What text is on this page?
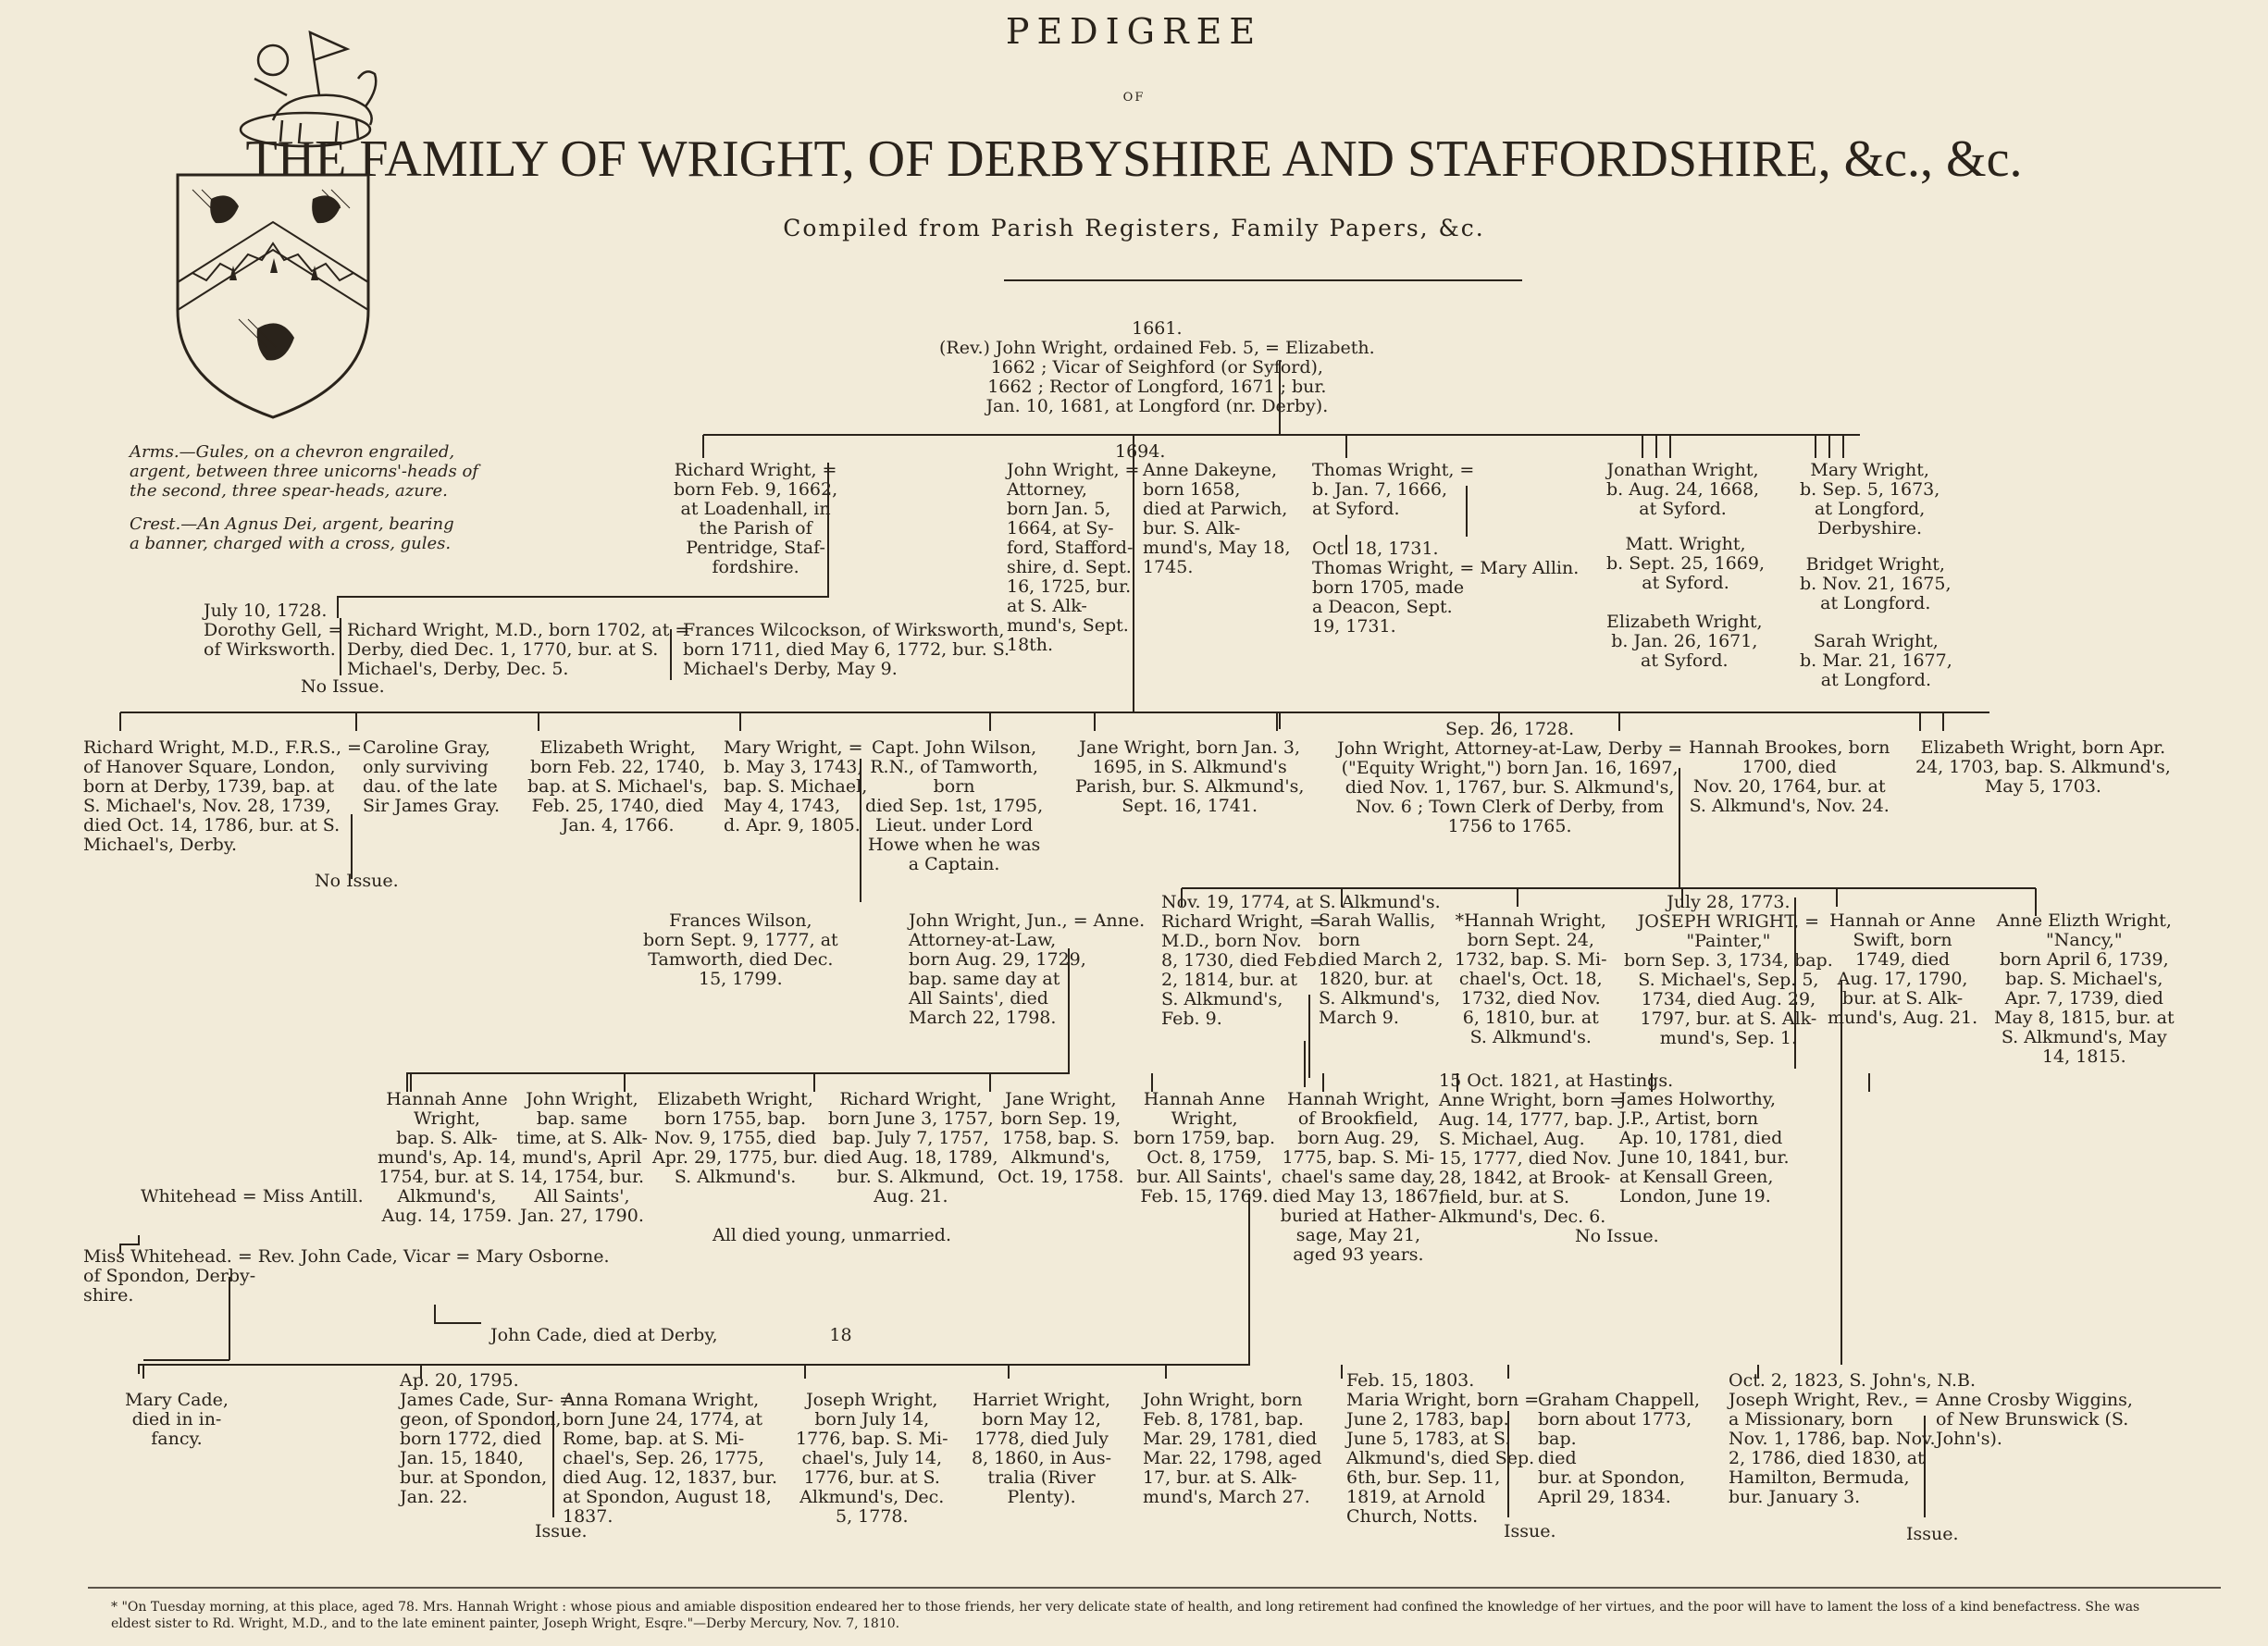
PEDIGREE
OF
THE FAMILY OF WRIGHT, OF DERBYSHIRE AND STAFFORDSHIRE, &c., &c.
Compiled from Parish Registers, Family Papers, &c.
Arms.—Gules, on a chevron engrailed,
argent, between three unicorns'-heads of
the second, three spear-heads, azure.
Crest.—An Agnus Dei, argent, bearing
a banner, charged with a cross, gules.
1661.
(Rev.) John Wright, ordained Feb. 5, = Elizabeth.
1662 ; Vicar of Seighford (or Syford),
1662 ; Rector of Longford, 1671 ; bur.
Jan. 10, 1681, at Longford (nr. Derby).
Richard Wright, =
born Feb. 9, 1662,
at Loadenhall, in
the Parish of
Pentridge, Staf-
fordshire.
1694.
John Wright, =
Attorney,
born Jan. 5,
1664, at Sy-
ford, Stafford-
shire, d. Sept.
16, 1725, bur.
at S. Alk-
mund's, Sept.
18th.
Anne Dakeyne,
born 1658,
died at Parwich,
bur. S. Alk-
mund's, May 18,
1745.
Thomas Wright, =
b. Jan. 7, 1666,
at Syford.
Oct. 18, 1731.
Thomas Wright, = Mary Allin.
born 1705, made
a Deacon, Sept.
19, 1731.
Jonathan Wright,
b. Aug. 24, 1668,
at Syford.
Matt. Wright,
b. Sept. 25, 1669,
at Syford.
Elizabeth Wright,
b. Jan. 26, 1671,
at Syford.
Mary Wright,
b. Sep. 5, 1673,
at Longford,
Derbyshire.
Bridget Wright,
b. Nov. 21, 1675,
at Longford.
Sarah Wright,
b. Mar. 21, 1677,
at Longford.
July 10, 1728.
Dorothy Gell, =
of Wirksworth.
No Issue.
Richard Wright, M.D., born 1702, at =
Derby, died Dec. 1, 1770, bur. at S.
Michael's, Derby, Dec. 5.
Frances Wilcockson, of Wirksworth,
born 1711, died May 6, 1772, bur. S.
Michael's Derby, May 9.
Richard Wright, M.D., F.R.S., =
of Hanover Square, London,
born at Derby, 1739, bap. at
S. Michael's, Nov. 28, 1739,
died Oct. 14, 1786, bur. at S.
Michael's, Derby.
Caroline Gray,
only surviving
dau. of the late
Sir James Gray.
No Issue.
Elizabeth Wright,
born Feb. 22, 1740,
bap. at S. Michael's,
Feb. 25, 1740, died
Jan. 4, 1766.
Mary Wright, =
b. May 3, 1743,
bap. S. Michael,
May 4, 1743,
d. Apr. 9, 1805.
Capt. John Wilson,
R.N., of Tamworth,
born
died Sep. 1st, 1795,
Lieut. under Lord
Howe when he was
a Captain.
Frances Wilson,
born Sept. 9, 1777, at
Tamworth, died Dec.
15, 1799.
Jane Wright, born Jan. 3,
1695, in S. Alkmund's
Parish, bur. S. Alkmund's,
Sept. 16, 1741.
Sep. 26, 1728.
John Wright, Attorney-at-Law, Derby =
("Equity Wright,") born Jan. 16, 1697,
died Nov. 1, 1767, bur. S. Alkmund's,
Nov. 6 ; Town Clerk of Derby, from
1756 to 1765.
Hannah Brookes, born
1700, died
Nov. 20, 1764, bur. at
S. Alkmund's, Nov. 24.
Elizabeth Wright, born Apr.
24, 1703, bap. S. Alkmund's,
May 5, 1703.
John Wright, Jun., = Anne.
Attorney-at-Law,
born Aug. 29, 1729,
bap. same day at
All Saints', died
March 22, 1798.
Nov. 19, 1774, at S. Alkmund's.
Richard Wright, =
M.D., born Nov.
8, 1730, died Feb.
2, 1814, bur. at
S. Alkmund's,
Feb. 9.
Sarah Wallis,
born
died March 2,
1820, bur. at
S. Alkmund's,
March 9.
*Hannah Wright,
born Sept. 24,
1732, bap. S. Mi-
chael's, Oct. 18,
1732, died Nov.
6, 1810, bur. at
S. Alkmund's.
July 28, 1773.
JOSEPH WRIGHT, =
"Painter,"
born Sep. 3, 1734, bap.
S. Michael's, Sep. 5,
1734, died Aug. 29,
1797, bur. at S. Alk-
mund's, Sep. 1.
Hannah or Anne
Swift, born
1749, died
Aug. 17, 1790,
bur. at S. Alk-
mund's, Aug. 21.
Anne Elizth Wright,
"Nancy,"
born April 6, 1739,
bap. S. Michael's,
Apr. 7, 1739, died
May 8, 1815, bur. at
S. Alkmund's, May
14, 1815.
Hannah Anne
Wright,
bap. S. Alk-
mund's, Ap. 14,
1754, bur. at S.
Alkmund's,
Aug. 14, 1759.
John Wright,
bap. same
time, at S. Alk-
mund's, April
14, 1754, bur.
All Saints',
Jan. 27, 1790.
Elizabeth Wright,
born 1755, bap.
Nov. 9, 1755, died
Apr. 29, 1775, bur.
S. Alkmund's.
Richard Wright,
born June 3, 1757,
bap. July 7, 1757,
died Aug. 18, 1789,
bur. S. Alkmund,
Aug. 21.
Jane Wright,
born Sep. 19,
1758, bap. S.
Alkmund's,
Oct. 19, 1758.
Hannah Anne
Wright,
born 1759, bap.
Oct. 8, 1759,
bur. All Saints',
Feb. 15, 1769.
All died young, unmarried.
Hannah Wright,
of Brookfield,
born Aug. 29,
1775, bap. S. Mi-
chael's same day,
died May 13, 1867,
buried at Hather-
sage, May 21,
aged 93 years.
15 Oct. 1821, at Hastings.
Anne Wright, born =
Aug. 14, 1777, bap.
S. Michael, Aug.
15, 1777, died Nov.
28, 1842, at Brook-
field, bur. at S.
Alkmund's, Dec. 6.
James Holworthy,
J.P., Artist, born
Ap. 10, 1781, died
June 10, 1841, bur.
at Kensall Green,
London, June 19.
No Issue.
Whitehead = Miss Antill.
Miss Whitehead. = Rev. John Cade, Vicar = Mary Osborne.
of Spondon, Derby-
shire.
John Cade, died at Derby,                    18
Mary Cade,
died in in-
fancy.
Ap. 20, 1795.
James Cade, Sur- =
geon, of Spondon,
born 1772, died
Jan. 15, 1840,
bur. at Spondon,
Jan. 22.
Anna Romana Wright,
born June 24, 1774, at
Rome, bap. at S. Mi-
chael's, Sep. 26, 1775,
died Aug. 12, 1837, bur.
at Spondon, August 18,
1837.
Issue.
Joseph Wright,
born July 14,
1776, bap. S. Mi-
chael's, July 14,
1776, bur. at S.
Alkmund's, Dec.
5, 1778.
Harriet Wright,
born May 12,
1778, died July
8, 1860, in Aus-
tralia (River
Plenty).
John Wright, born
Feb. 8, 1781, bap.
Mar. 29, 1781, died
Mar. 22, 1798, aged
17, bur. at S. Alk-
mund's, March 27.
Feb. 15, 1803.
Maria Wright, born =
June 2, 1783, bap.
June 5, 1783, at S.
Alkmund's, died Sep.
6th, bur. Sep. 11,
1819, at Arnold
Church, Notts.
Graham Chappell,
born about 1773,
bap.
died
bur. at Spondon,
April 29, 1834.
Issue.
Oct. 2, 1823, S. John's, N.B.
Joseph Wright, Rev., =
a Missionary, born
Nov. 1, 1786, bap. Nov.
2, 1786, died 1830, at
Hamilton, Bermuda,
bur. January 3.
Anne Crosby Wiggins,
of New Brunswick (S.
John's).
Issue.
* "On Tuesday morning, at this place, aged 78. Mrs. Hannah Wright : whose pious and amiable disposition endeared her to those friends, her very delicate state of health, and long retirement had confined the knowledge of her virtues, and the poor will have to lament the loss of a kind benefactress. She was eldest sister to Rd. Wright, M.D., and to the late eminent painter, Joseph Wright, Esqre."—Derby Mercury, Nov. 7, 1810.
